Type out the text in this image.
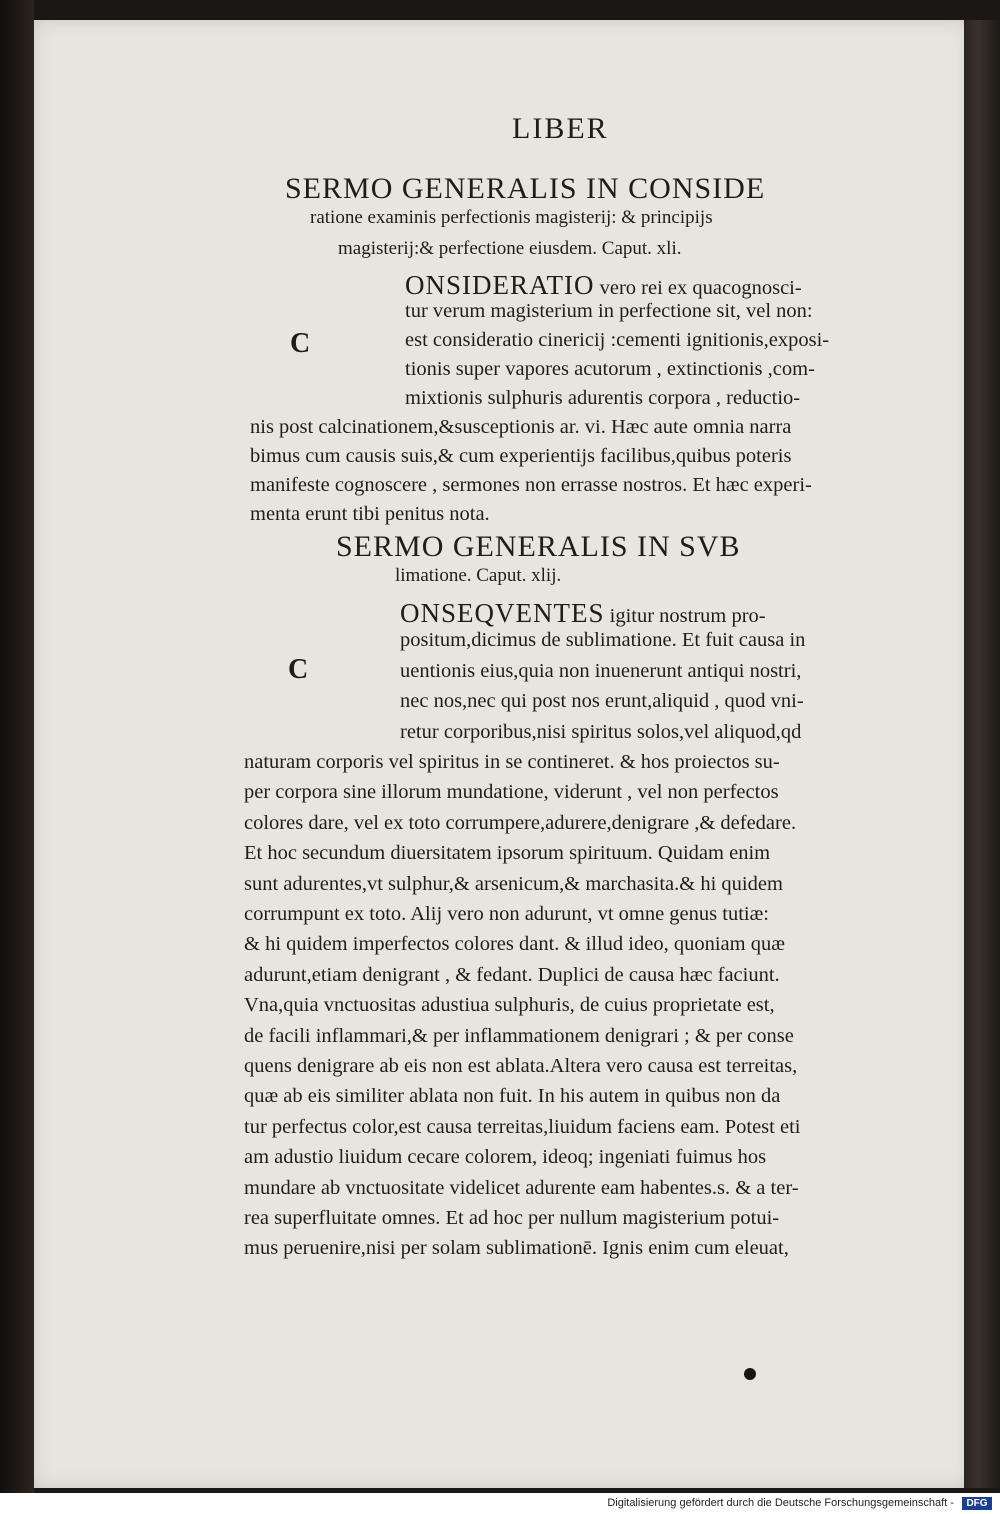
LIBER
SERMO GENERALIS IN CONSIDE
ratione examinis perfectionis magisterij: & principijs
magisterij:& perfectione eiusdem. Caput. xli.
C
ONSIDERATIO vero rei ex quacognosci-
tur verum magisterium in perfectione sit, vel non:
est consideratio cinericij :cementi ignitionis,exposi-
tionis super vapores acutorum , extinctionis ,com-
mixtionis sulphuris adurentis corpora , reductio-
nis post calcinationem,&susceptionis ar. vi. Hæc aute omnia narra
bimus cum causis suis,& cum experientijs facilibus,quibus poteris
manifeste cognoscere , sermones non errasse nostros. Et hæc experi-
menta erunt tibi penitus nota.
SERMO GENERALIS IN SVB
limatione. Caput. xlij.
C
ONSEQVENTES igitur nostrum pro-
positum,dicimus de sublimatione. Et fuit causa in
uentionis eius,quia non inuenerunt antiqui nostri,
nec nos,nec qui post nos erunt,aliquid , quod vni-
retur corporibus,nisi spiritus solos,vel aliquod,qd
naturam corporis vel spiritus in se contineret. & hos proiectos su-
per corpora sine illorum mundatione, viderunt , vel non perfectos
colores dare, vel ex toto corrumpere,adurere,denigrare ,& defedare.
Et hoc secundum diuersitatem ipsorum spirituum. Quidam enim
sunt adurentes,vt sulphur,& arsenicum,& marchasita.& hi quidem
corrumpunt ex toto. Alij vero non adurunt, vt omne genus tutiæ:
& hi quidem imperfectos colores dant. & illud ideo, quoniam quæ
adurunt,etiam denigrant , & fedant. Duplici de causa hæc faciunt.
Vna,quia vnctuositas adustiua sulphuris, de cuius proprietate est,
de facili inflammari,& per inflammationem denigrari ; & per conse
quens denigrare ab eis non est ablata.Altera vero causa est terreitas,
quæ ab eis similiter ablata non fuit. In his autem in quibus non da
tur perfectus color,est causa terreitas,liuidum faciens eam. Potest eti
am adustio liuidum cecare colorem, ideoq; ingeniati fuimus hos
mundare ab vnctuositate videlicet adurente eam habentes.s. & a ter-
rea superfluitate omnes. Et ad hoc per nullum magisterium potui-
mus peruenire,nisi per solam sublimationē. Ignis enim cum eleuat,
Digitalisierung gefördert durch die Deutsche Forschungsgemeinschaft -	DFG
